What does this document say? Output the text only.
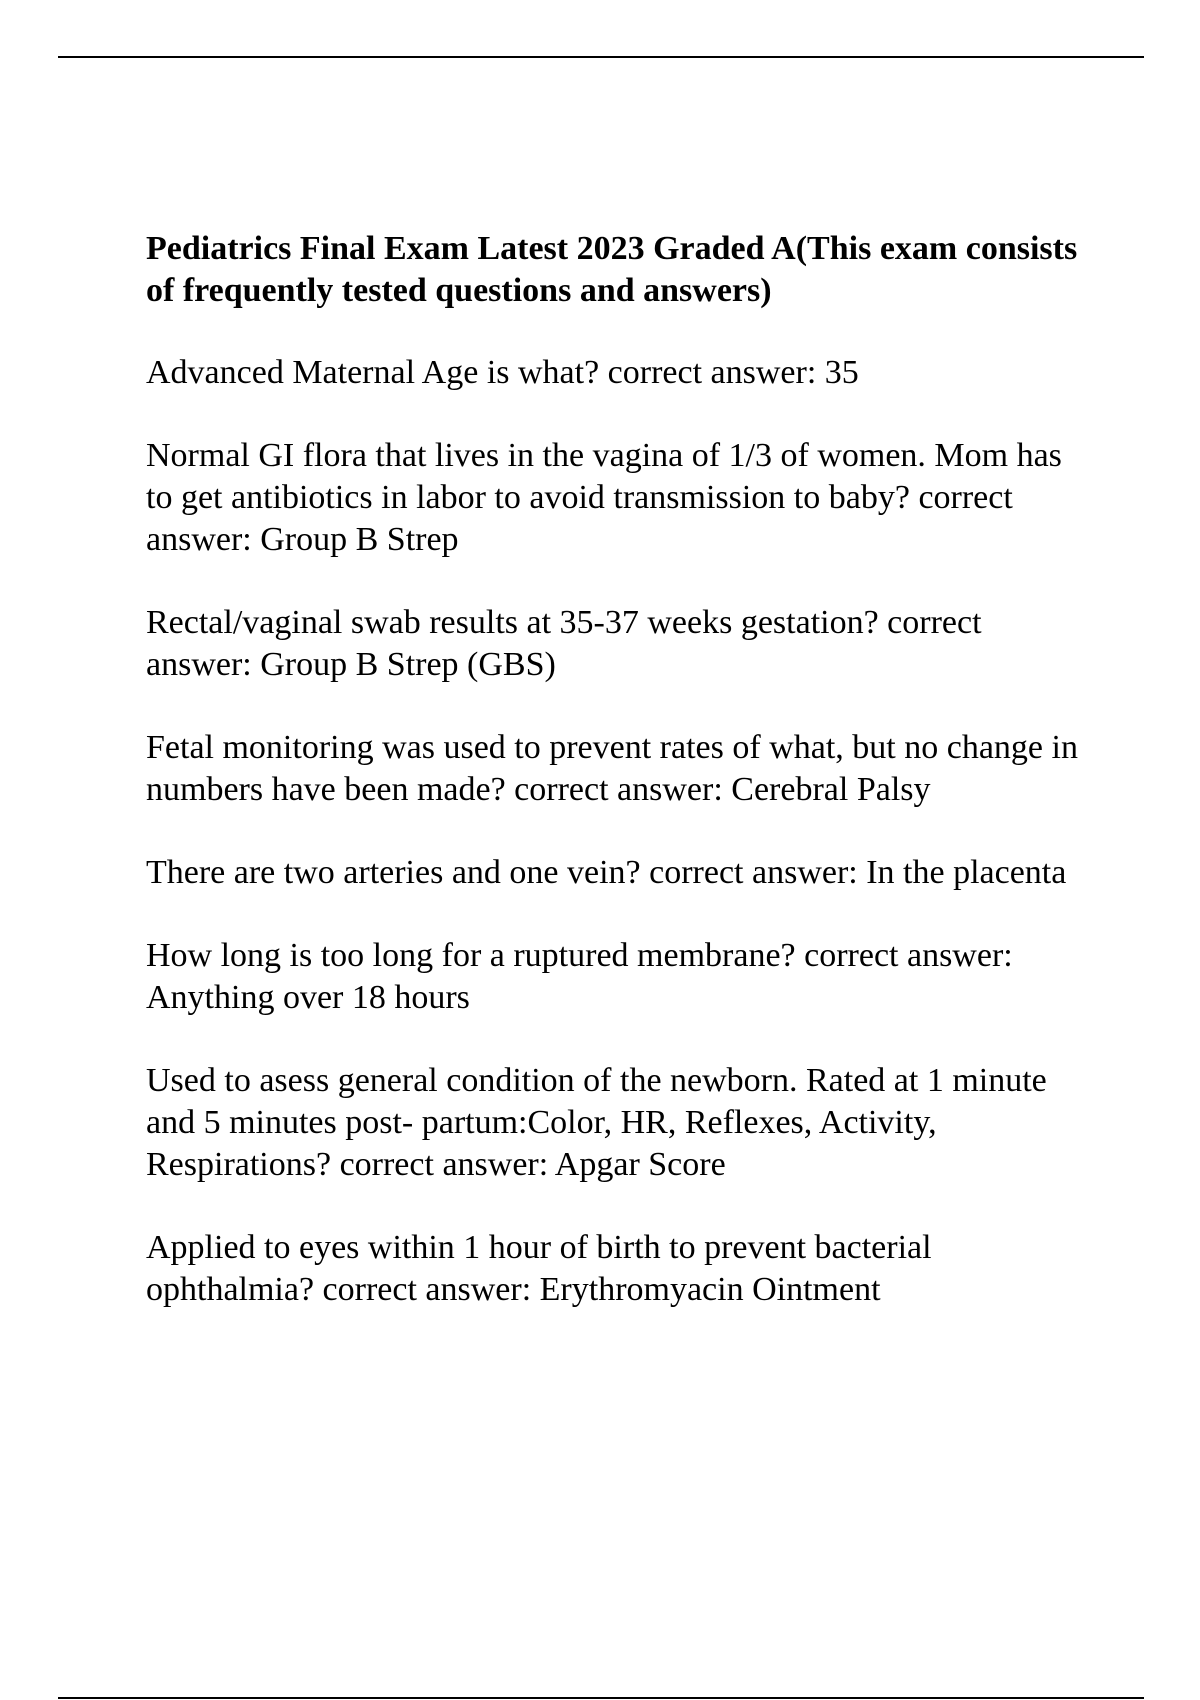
Pediatrics Final Exam Latest 2023 Graded A(This exam consists of frequently tested questions and answers)
Advanced Maternal Age is what? correct answer: 35
Normal GI flora that lives in the vagina of 1/3 of women. Mom has to get antibiotics in labor to avoid transmission to baby? correct answer: Group B Strep
Rectal/vaginal swab results at 35-37 weeks gestation? correct answer: Group B Strep (GBS)
Fetal monitoring was used to prevent rates of what, but no change in numbers have been made? correct answer: Cerebral Palsy
There are two arteries and one vein? correct answer: In the placenta
How long is too long for a ruptured membrane? correct answer: Anything over 18 hours
Used to asess general condition of the newborn. Rated at 1 minute and 5 minutes post- partum:Color, HR, Reflexes, Activity, Respirations? correct answer: Apgar Score
Applied to eyes within 1 hour of birth to prevent bacterial ophthalmia? correct answer: Erythromyacin Ointment
